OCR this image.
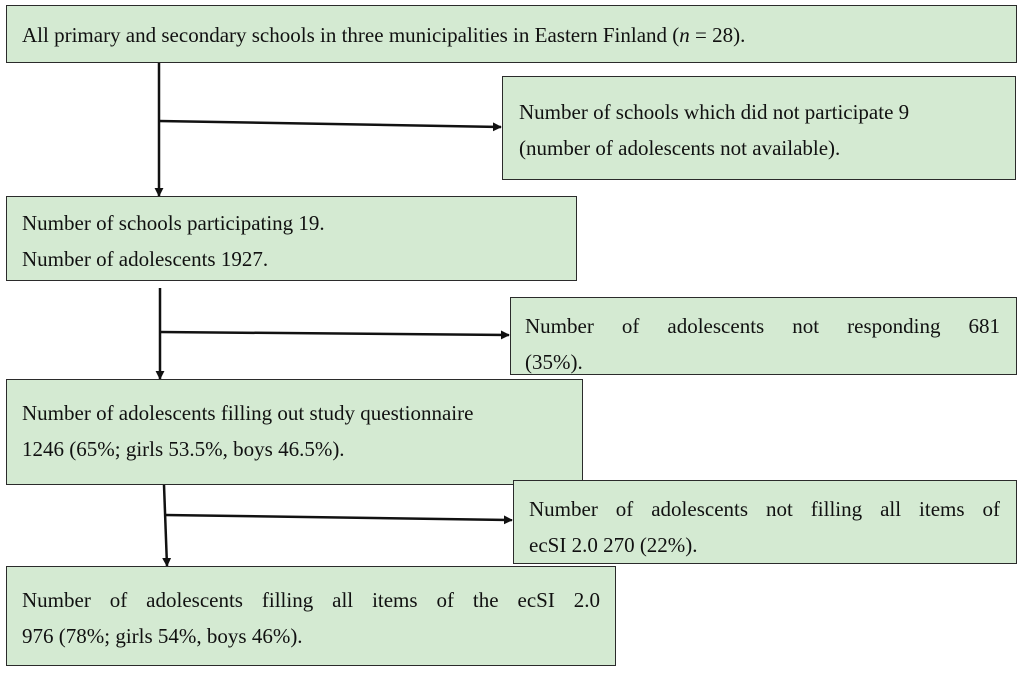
All primary and secondary schools in three municipalities in Eastern Finland (n = 28).
Number of schools which did not participate 9
(number of adolescents not available).
Number of schools participating 19.
Number of adolescents 1927.
Number of adolescents not responding 681
(35%).
Number of adolescents filling out study questionnaire
1246 (65%; girls 53.5%, boys 46.5%).
Number of adolescents not filling all items of
ecSI 2.0 270 (22%).
Number of adolescents filling all items of the ecSI 2.0
976 (78%; girls 54%, boys 46%).
